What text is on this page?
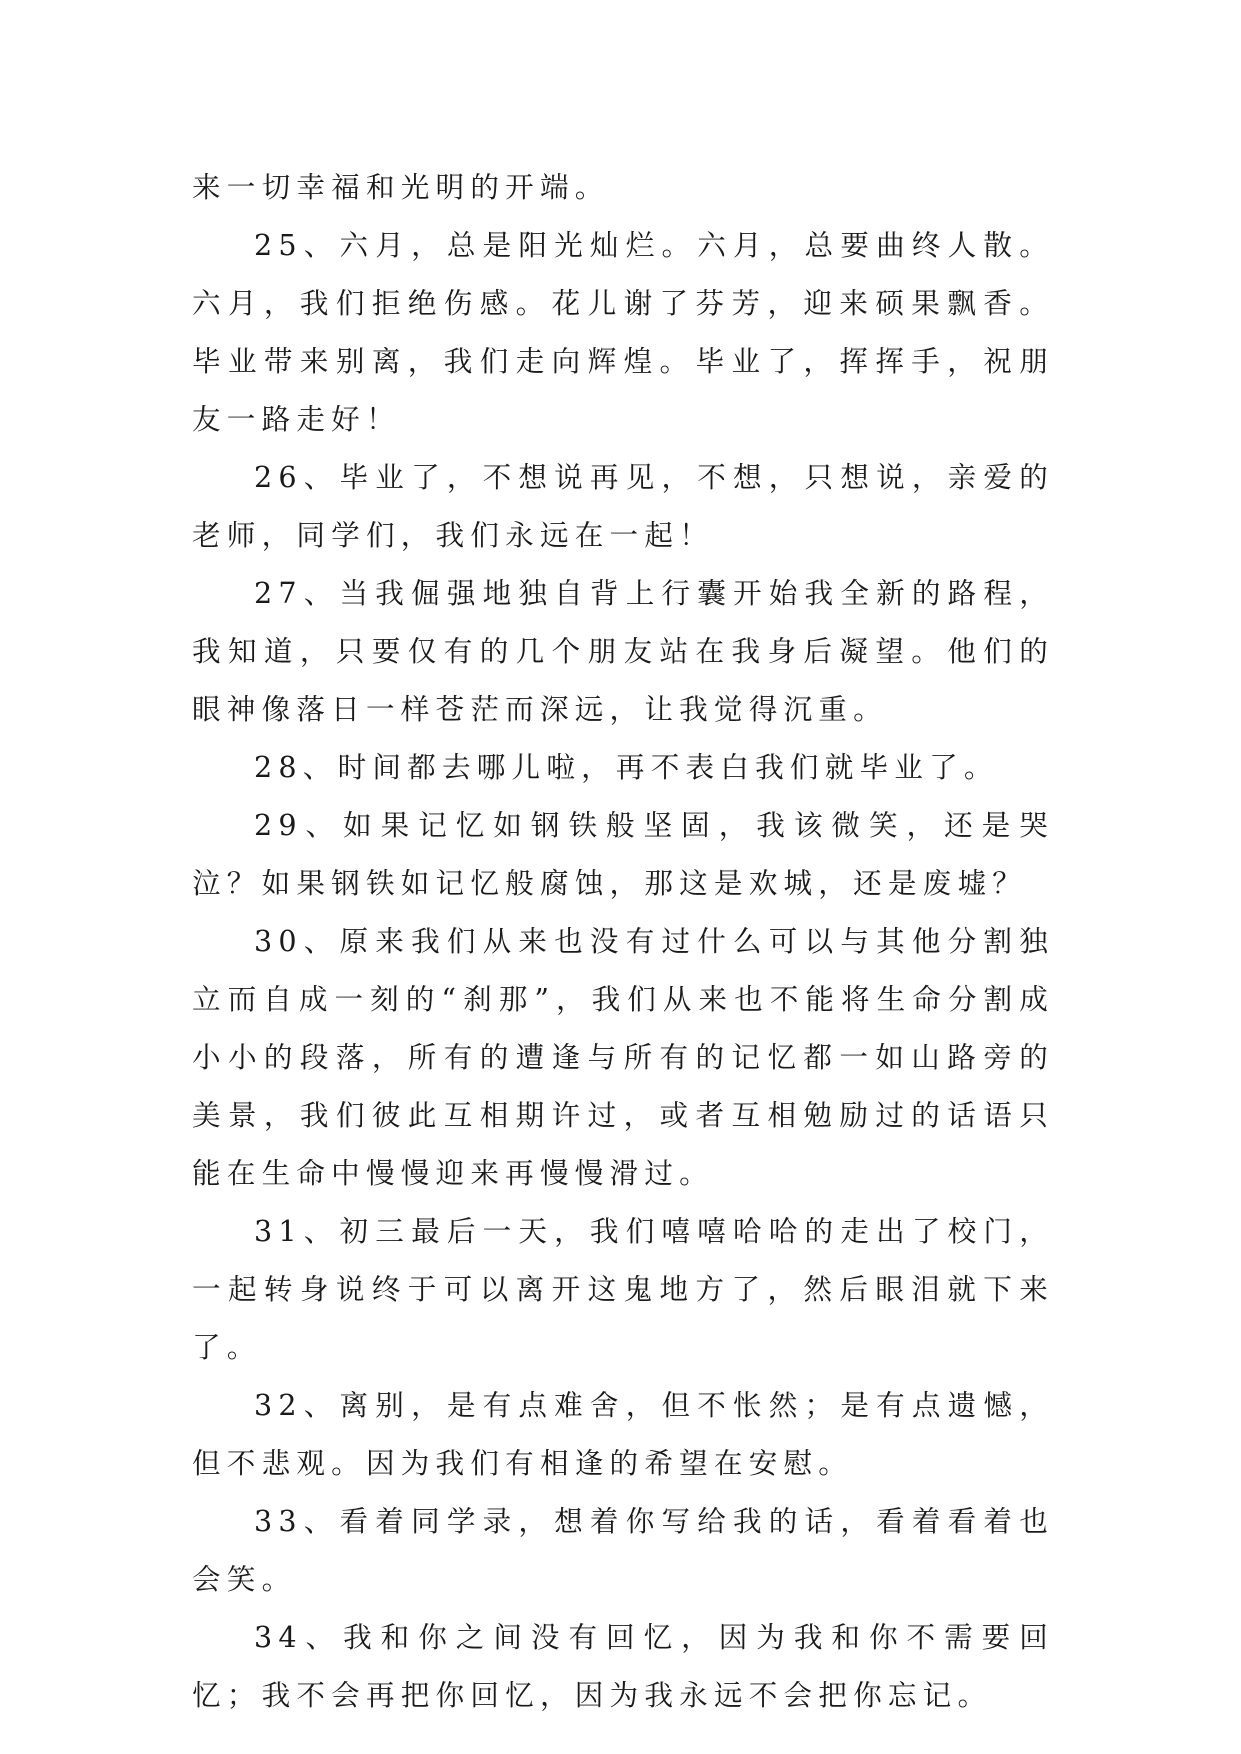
来一切幸福和光明的开端。

25、六月，总是阳光灿烂。六月，总要曲终人散。六月，我们拒绝伤感。花儿谢了芬芳，迎来硕果飘香。毕业带来别离，我们走向辉煌。毕业了，挥挥手，祝朋友一路走好！

26、毕业了，不想说再见，不想，只想说，亲爱的老师，同学们，我们永远在一起！

27、当我倔强地独自背上行囊开始我全新的路程，我知道，只要仅有的几个朋友站在我身后凝望。他们的眼神像落日一样苍茫而深远，让我觉得沉重。

28、时间都去哪儿啦，再不表白我们就毕业了。

29、如果记忆如钢铁般坚固，我该微笑，还是哭泣？如果钢铁如记忆般腐蚀，那这是欢城，还是废墟？

30、原来我们从来也没有过什么可以与其他分割独立而自成一刻的“刹那”，我们从来也不能将生命分割成小小的段落，所有的遭逢与所有的记忆都一如山路旁的美景，我们彼此互相期许过，或者互相勉励过的话语只能在生命中慢慢迎来再慢慢滑过。

31、初三最后一天，我们嘻嘻哈哈的走出了校门，一起转身说终于可以离开这鬼地方了，然后眼泪就下来了。

32、离别，是有点难舍，但不怅然；是有点遗憾，但不悲观。因为我们有相逢的希望在安慰。

33、看着同学录，想着你写给我的话，看着看着也会笑。

34、我和你之间没有回忆，因为我和你不需要回忆；我不会再把你回忆，因为我永远不会把你忘记。
